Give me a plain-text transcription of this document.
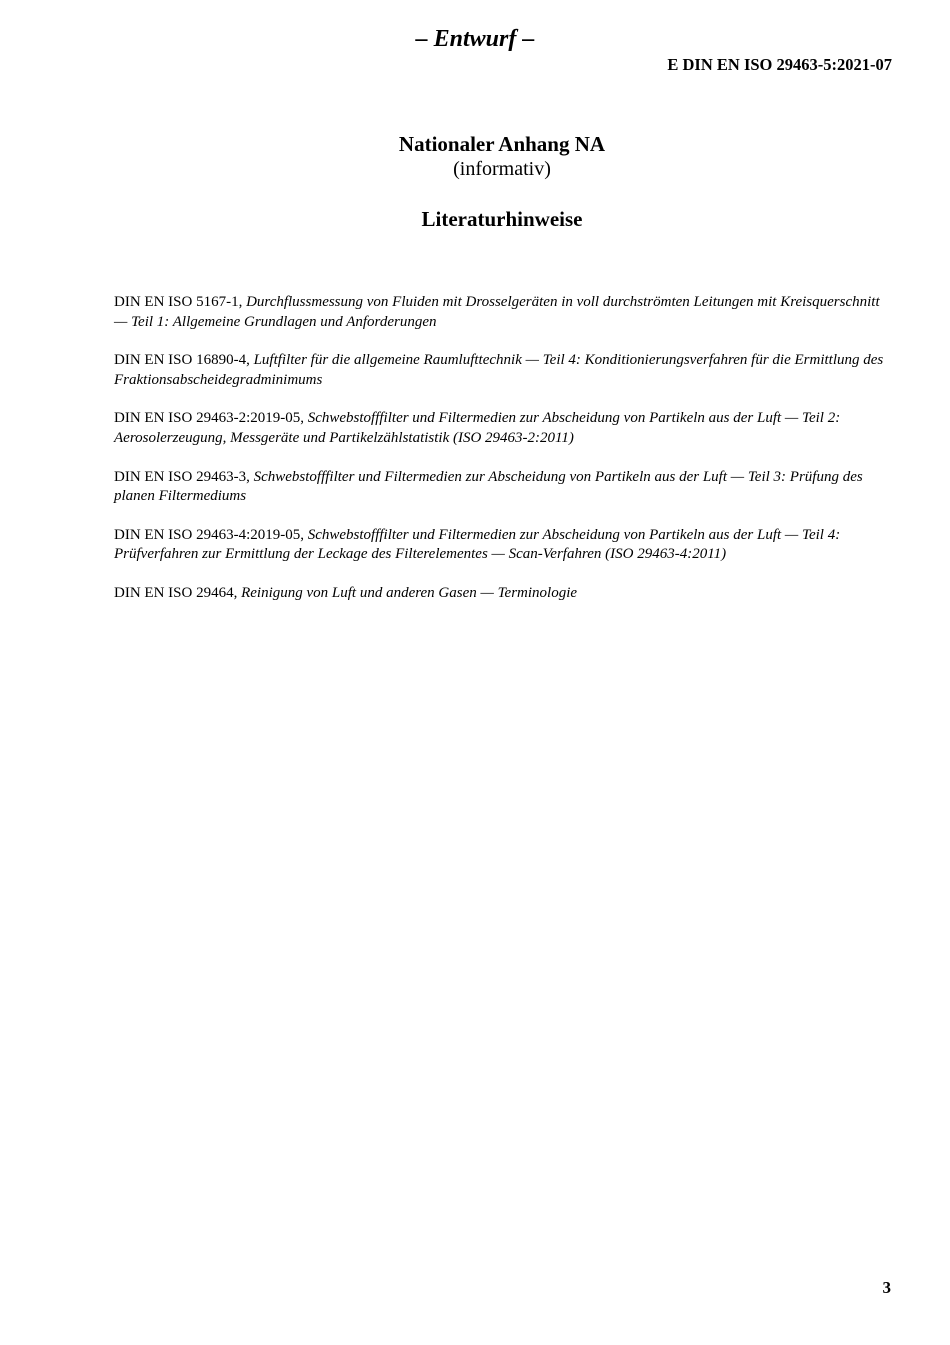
– Entwurf –
E DIN EN ISO 29463-5:2021-07
Nationaler Anhang NA
(informativ)
Literaturhinweise

DIN EN ISO 5167-1, Durchflussmessung von Fluiden mit Drosselgeräten in voll durchströmten Leitungen mit Kreisquerschnitt — Teil 1: Allgemeine Grundlagen und Anforderungen

DIN EN ISO 16890-4, Luftfilter für die allgemeine Raumlufttechnik — Teil 4: Konditionierungsverfahren für die Ermittlung des Fraktionsabscheidegradminimums

DIN EN ISO 29463-2:2019-05, Schwebstofffilter und Filtermedien zur Abscheidung von Partikeln aus der Luft — Teil 2: Aerosolerzeugung, Messgeräte und Partikelzählstatistik (ISO 29463-2:2011)

DIN EN ISO 29463-3, Schwebstofffilter und Filtermedien zur Abscheidung von Partikeln aus der Luft — Teil 3: Prüfung des planen Filtermediums

DIN EN ISO 29463-4:2019-05, Schwebstofffilter und Filtermedien zur Abscheidung von Partikeln aus der Luft — Teil 4: Prüfverfahren zur Ermittlung der Leckage des Filterelementes — Scan-Verfahren (ISO 29463-4:2011)

DIN EN ISO 29464, Reinigung von Luft und anderen Gasen — Terminologie

3
